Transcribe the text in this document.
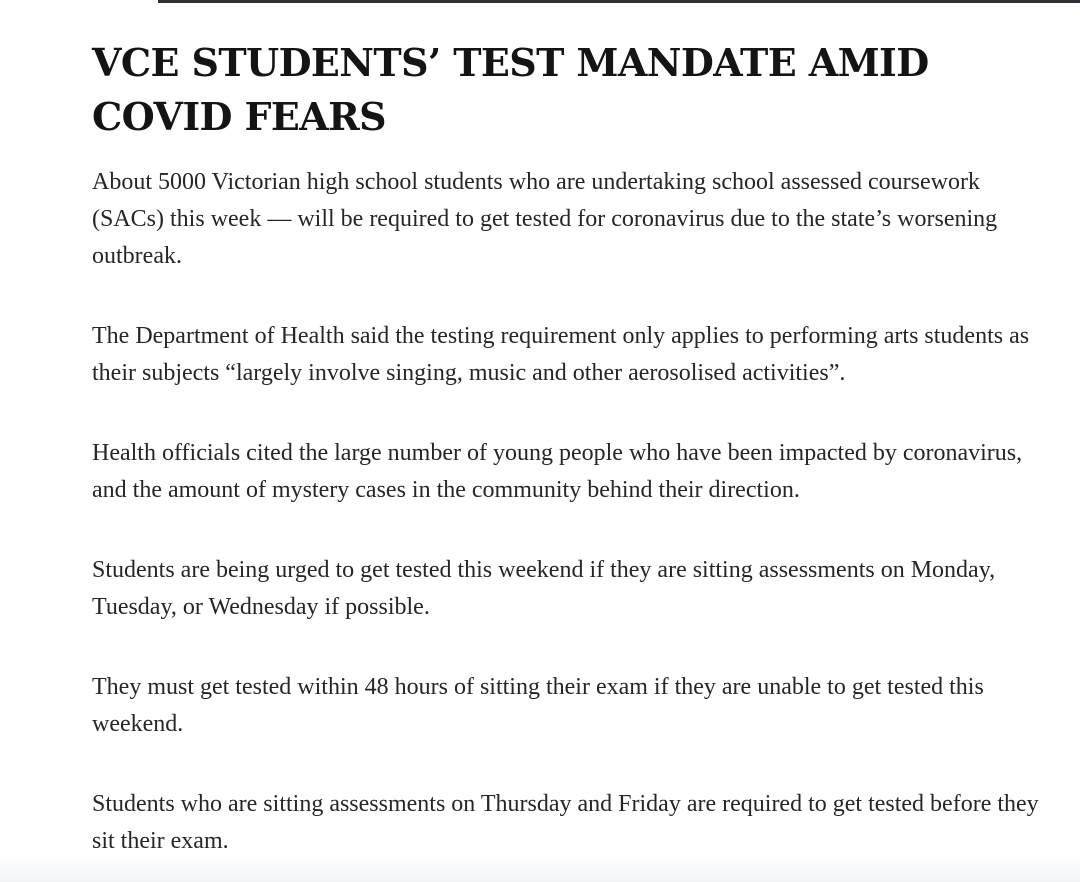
VCE STUDENTS’ TEST MANDATE AMID COVID FEARS

About 5000 Victorian high school students who are undertaking school assessed coursework (SACs) this week — will be required to get tested for coronavirus due to the state’s worsening outbreak.

The Department of Health said the testing requirement only applies to performing arts students as their subjects “largely involve singing, music and other aerosolised activities”.

Health officials cited the large number of young people who have been impacted by coronavirus, and the amount of mystery cases in the community behind their direction.

Students are being urged to get tested this weekend if they are sitting assessments on Monday, Tuesday, or Wednesday if possible.

They must get tested within 48 hours of sitting their exam if they are unable to get tested this weekend.

Students who are sitting assessments on Thursday and Friday are required to get tested before they sit their exam.
